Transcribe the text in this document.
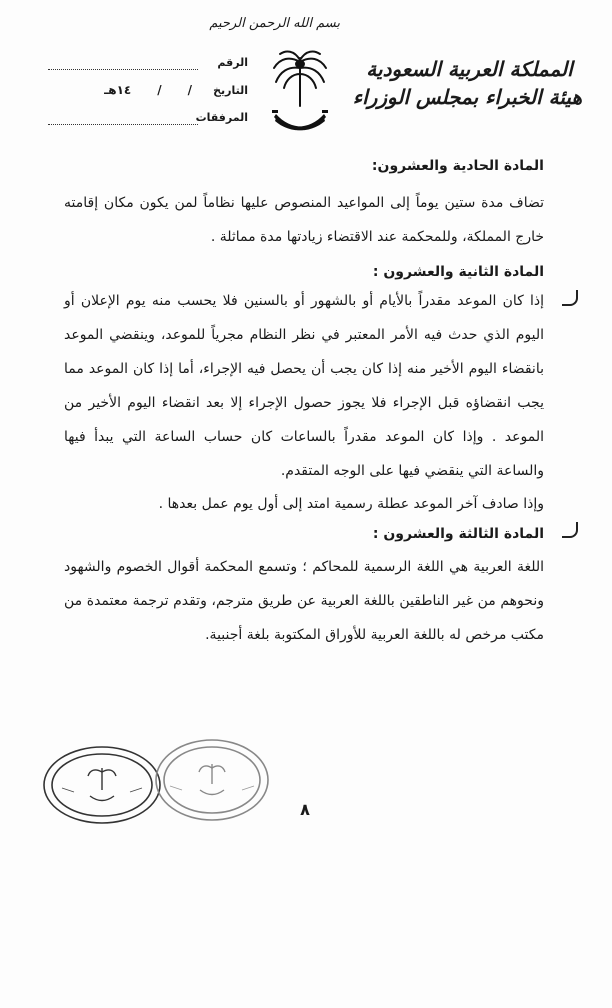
بسم الله الرحمن الرحيم
المملكة العربية السعودية
هيئة الخبراء بمجلس الوزراء
الرقم
التاريخ
/
/
١٤هـ
المرفقات
المادة الحادية والعشرون:
تضاف مدة ستين يوماً إلى المواعيد المنصوص عليها نظاماً لمن يكون مكان إقامته خارج المملكة، وللمحكمة عند الاقتضاء زيادتها مدة مماثلة .
المادة الثانية والعشرون :
إذا كان الموعد مقدراً بالأيام أو بالشهور أو بالسنين فلا يحسب منه يوم الإعلان أو اليوم الذي حدث فيه الأمر المعتبر في نظر النظام مجرياً للموعد، وينقضي الموعد بانقضاء اليوم الأخير منه إذا كان يجب أن يحصل فيه الإجراء، أما إذا كان الموعد مما يجب انقضاؤه قبل الإجراء فلا يجوز حصول الإجراء إلا بعد انقضاء اليوم الأخير من الموعد . وإذا كان الموعد مقدراً بالساعات كان حساب الساعة التي يبدأ فيها والساعة التي ينقضي فيها على الوجه المتقدم.
وإذا صادف آخر الموعد عطلة رسمية امتد إلى أول يوم عمل بعدها .
المادة الثالثة والعشرون :
اللغة العربية هي اللغة الرسمية للمحاكم ؛ وتسمع المحكمة أقوال الخصوم والشهود ونحوهم من غير الناطقين باللغة العربية عن طريق مترجم، وتقدم ترجمة معتمدة من مكتب مرخص له باللغة العربية للأوراق المكتوبة بلغة أجنبية.
٨
